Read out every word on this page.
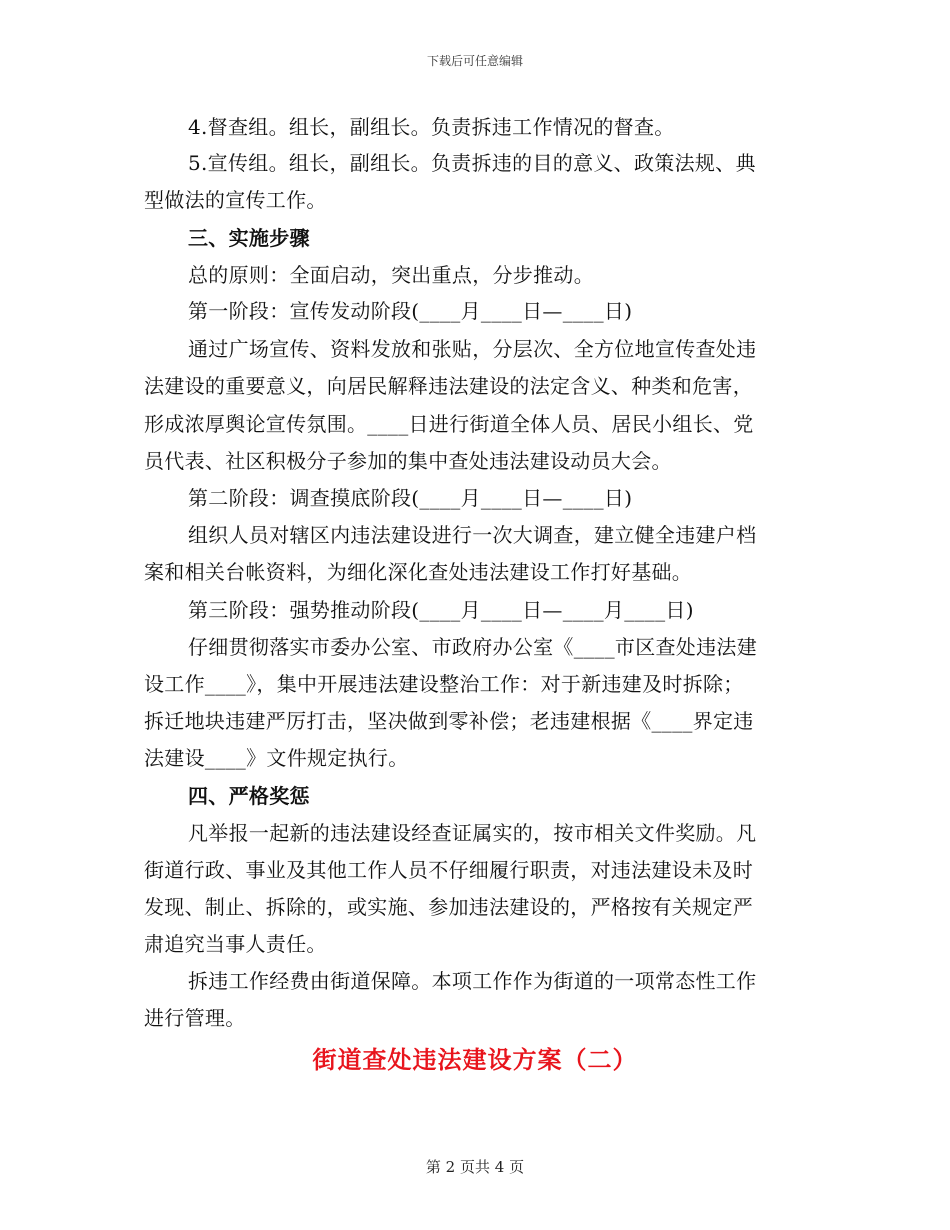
下载后可任意编辑
4.督查组。组长，副组长。负责拆违工作情况的督查。
5.宣传组。组长，副组长。负责拆违的目的意义、政策法规、典
型做法的宣传工作。
三、实施步骤
总的原则：全面启动，突出重点，分步推动。
第一阶段：宣传发动阶段(____月____日—____日)
通过广场宣传、资料发放和张贴，分层次、全方位地宣传查处违
法建设的重要意义，向居民解释违法建设的法定含义、种类和危害，
形成浓厚舆论宣传氛围。____日进行街道全体人员、居民小组长、党
员代表、社区积极分子参加的集中查处违法建设动员大会。
第二阶段：调查摸底阶段(____月____日—____日)
组织人员对辖区内违法建设进行一次大调查，建立健全违建户档
案和相关台帐资料，为细化深化查处违法建设工作打好基础。
第三阶段：强势推动阶段(____月____日—____月____日)
仔细贯彻落实市委办公室、市政府办公室《____市区查处违法建
设工作____》，集中开展违法建设整治工作：对于新违建及时拆除；
拆迁地块违建严厉打击，坚决做到零补偿；老违建根据《____界定违
法建设____》文件规定执行。
四、严格奖惩
凡举报一起新的违法建设经查证属实的，按市相关文件奖励。凡
街道行政、事业及其他工作人员不仔细履行职责，对违法建设未及时
发现、制止、拆除的，或实施、参加违法建设的，严格按有关规定严
肃追究当事人责任。
拆违工作经费由街道保障。本项工作作为街道的一项常态性工作
进行管理。
街道查处违法建设方案（二）
第 2 页共 4 页
